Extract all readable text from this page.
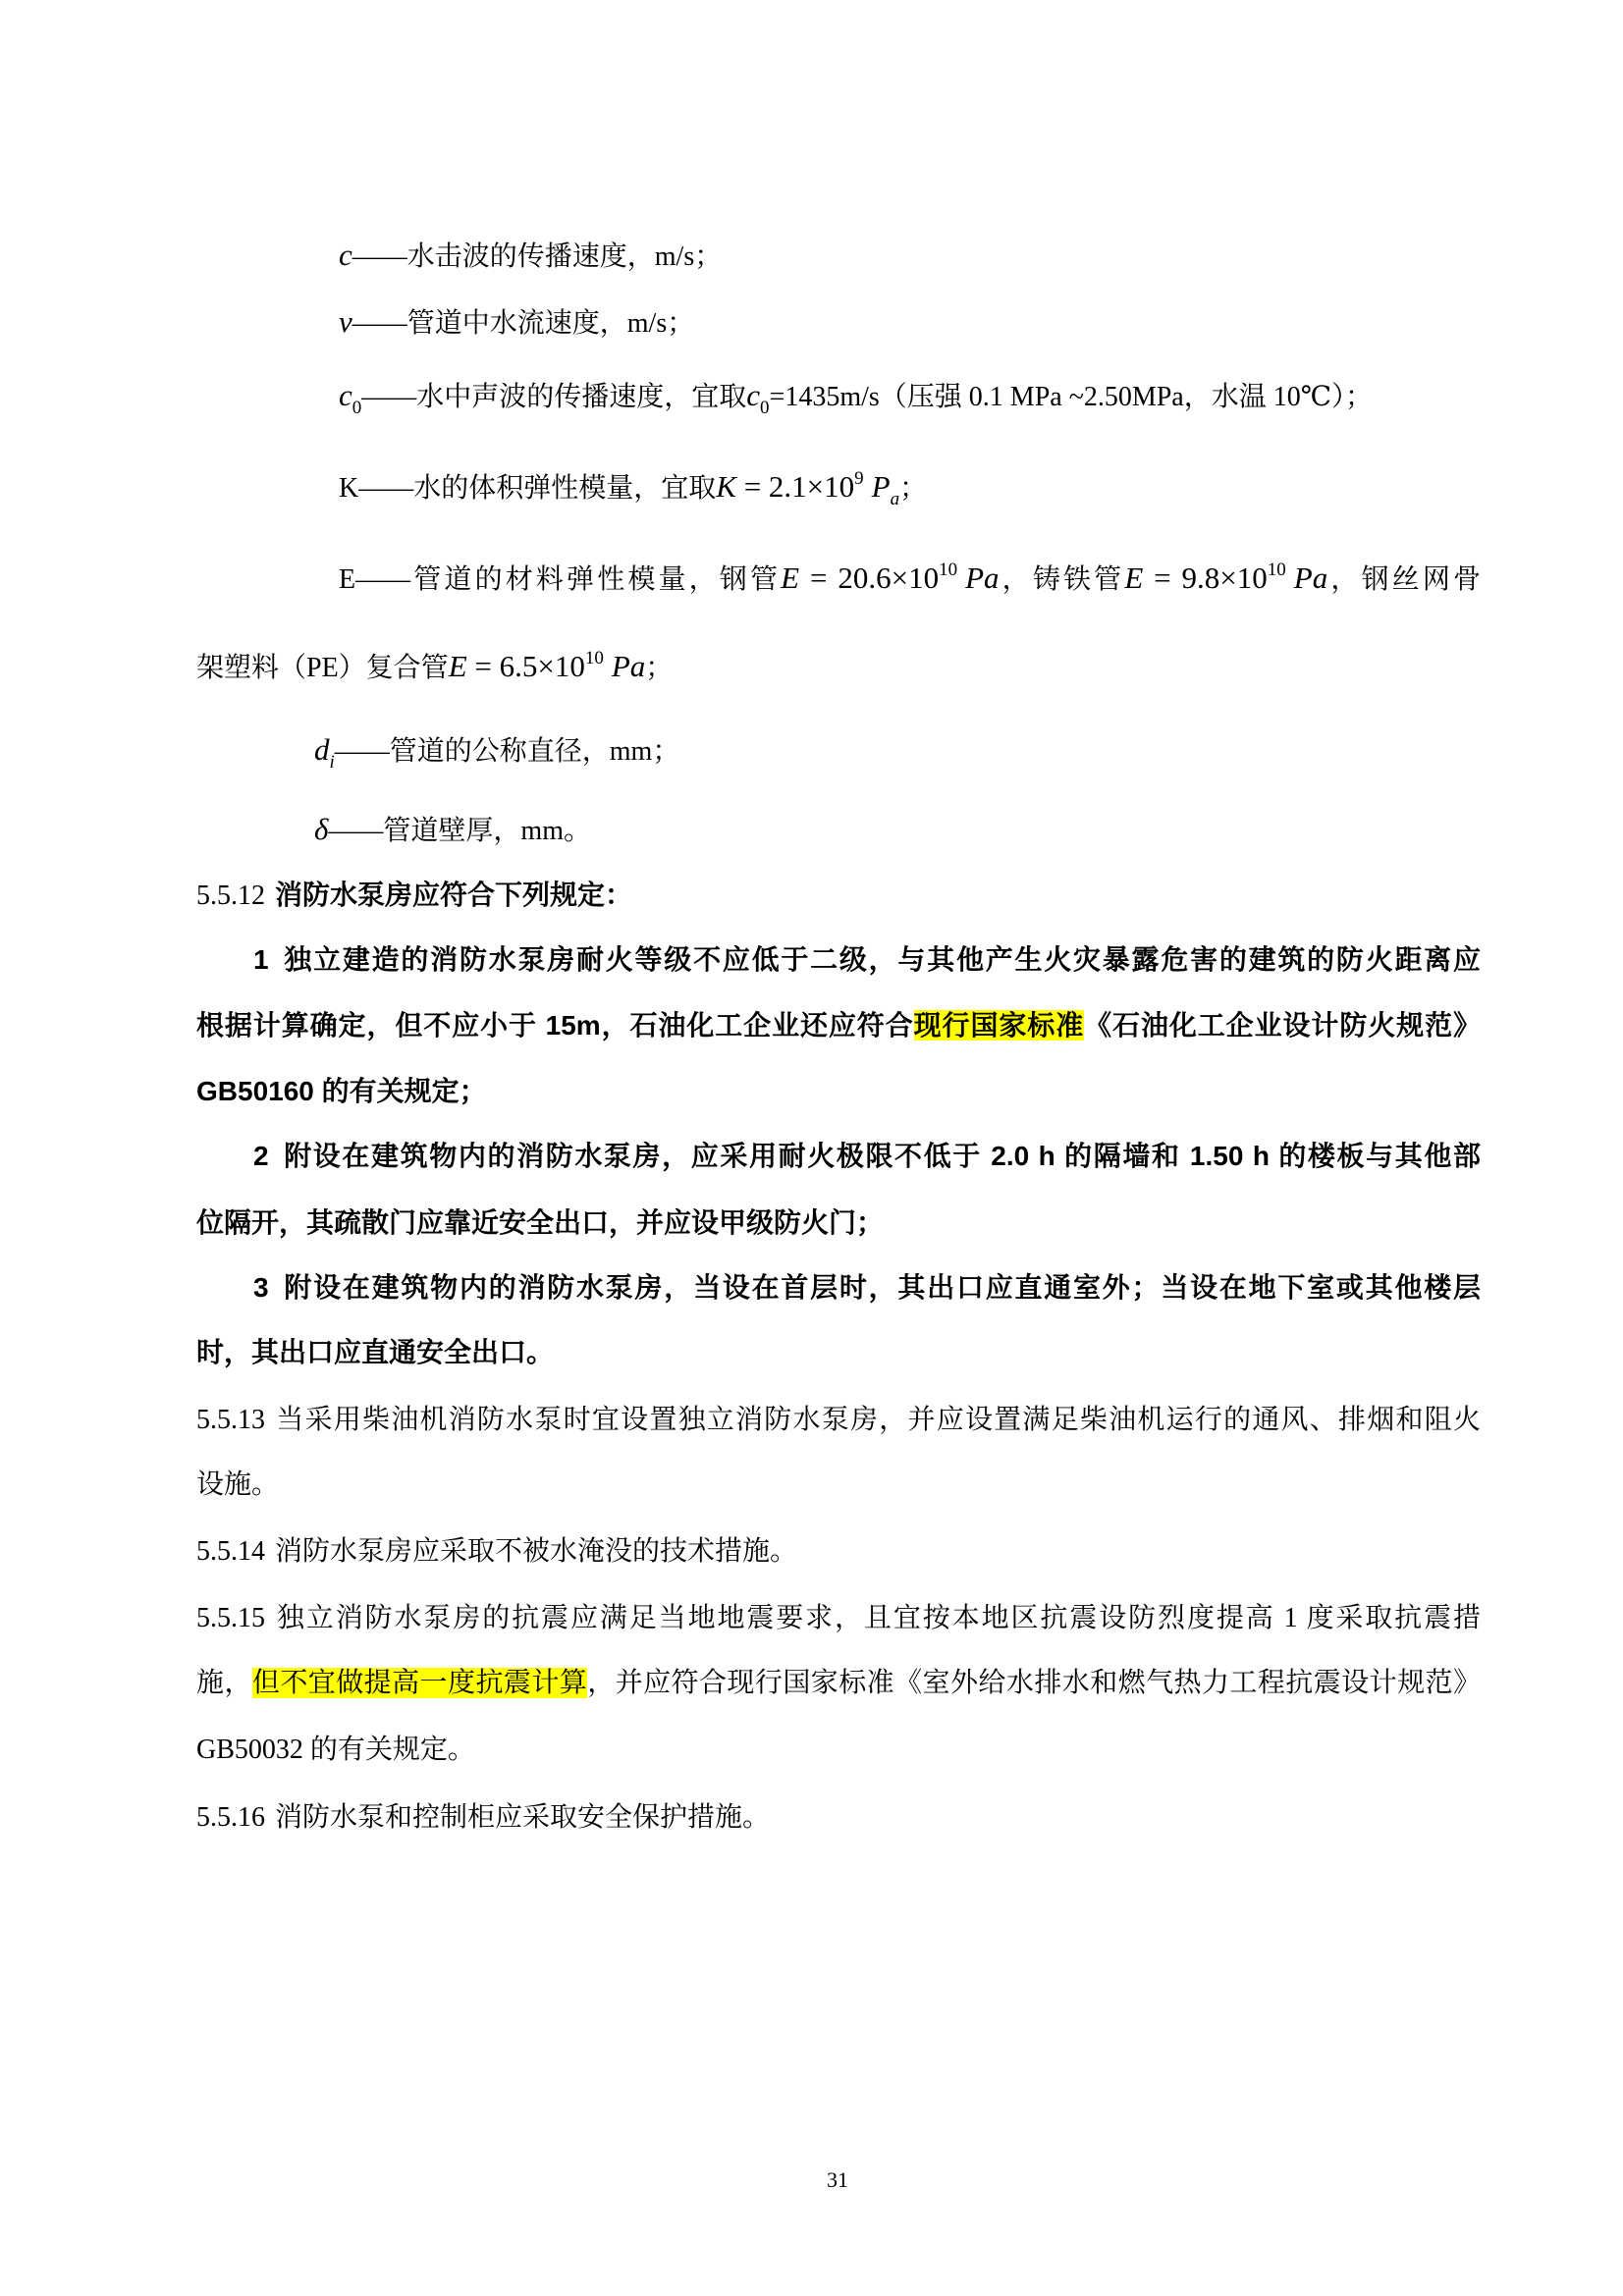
c——水击波的传播速度，m/s；
v——管道中水流速度，m/s；
$c_0——$水中声波的传播速度，宜取$c_0=1435m/s$（压强 0.1 MPa ~2.50MPa，水温 10℃）；
K——水的体积弹性模量，宜取$K = 2.1\times 10^9$ $P_a$；
E——管道的材料弹性模量，钢管$E = 20.6\times 10^{10}$ Pa，铸铁管$E = 9.8\times 10^{10}$ Pa，钢丝网骨
架塑料（PE）复合管$E = 6.5\times 10^{10}$ Pa；
$d_i——$管道的公称直径，mm；
δ——管道壁厚，mm。
5.5.12 消防水泵房应符合下列规定：
1 独立建造的消防水泵房耐火等级不应低于二级，与其他产生火灾暴露危害的建筑的防火距离应
根据计算确定，但不应小于 15m，石油化工企业还应符合现行国家标准《石油化工企业设计防火规范》
GB50160 的有关规定；
2 附设在建筑物内的消防水泵房，应采用耐火极限不低于 2.0 h 的隔墙和 1.50 h 的楼板与其他部
位隔开，其疏散门应靠近安全出口，并应设甲级防火门；
3 附设在建筑物内的消防水泵房，当设在首层时，其出口应直通室外；当设在地下室或其他楼层
时，其出口应直通安全出口。
5.5.13 当采用柴油机消防水泵时宜设置独立消防水泵房，并应设置满足柴油机运行的通风、排烟和阻火
设施。
5.5.14 消防水泵房应采取不被水淹没的技术措施。
5.5.15 独立消防水泵房的抗震应满足当地地震要求，且宜按本地区抗震设防烈度提高 1 度采取抗震措
施，但不宜做提高一度抗震计算，并应符合现行国家标准《室外给水排水和燃气热力工程抗震设计规范》
GB50032 的有关规定。
5.5.16 消防水泵和控制柜应采取安全保护措施。
31
